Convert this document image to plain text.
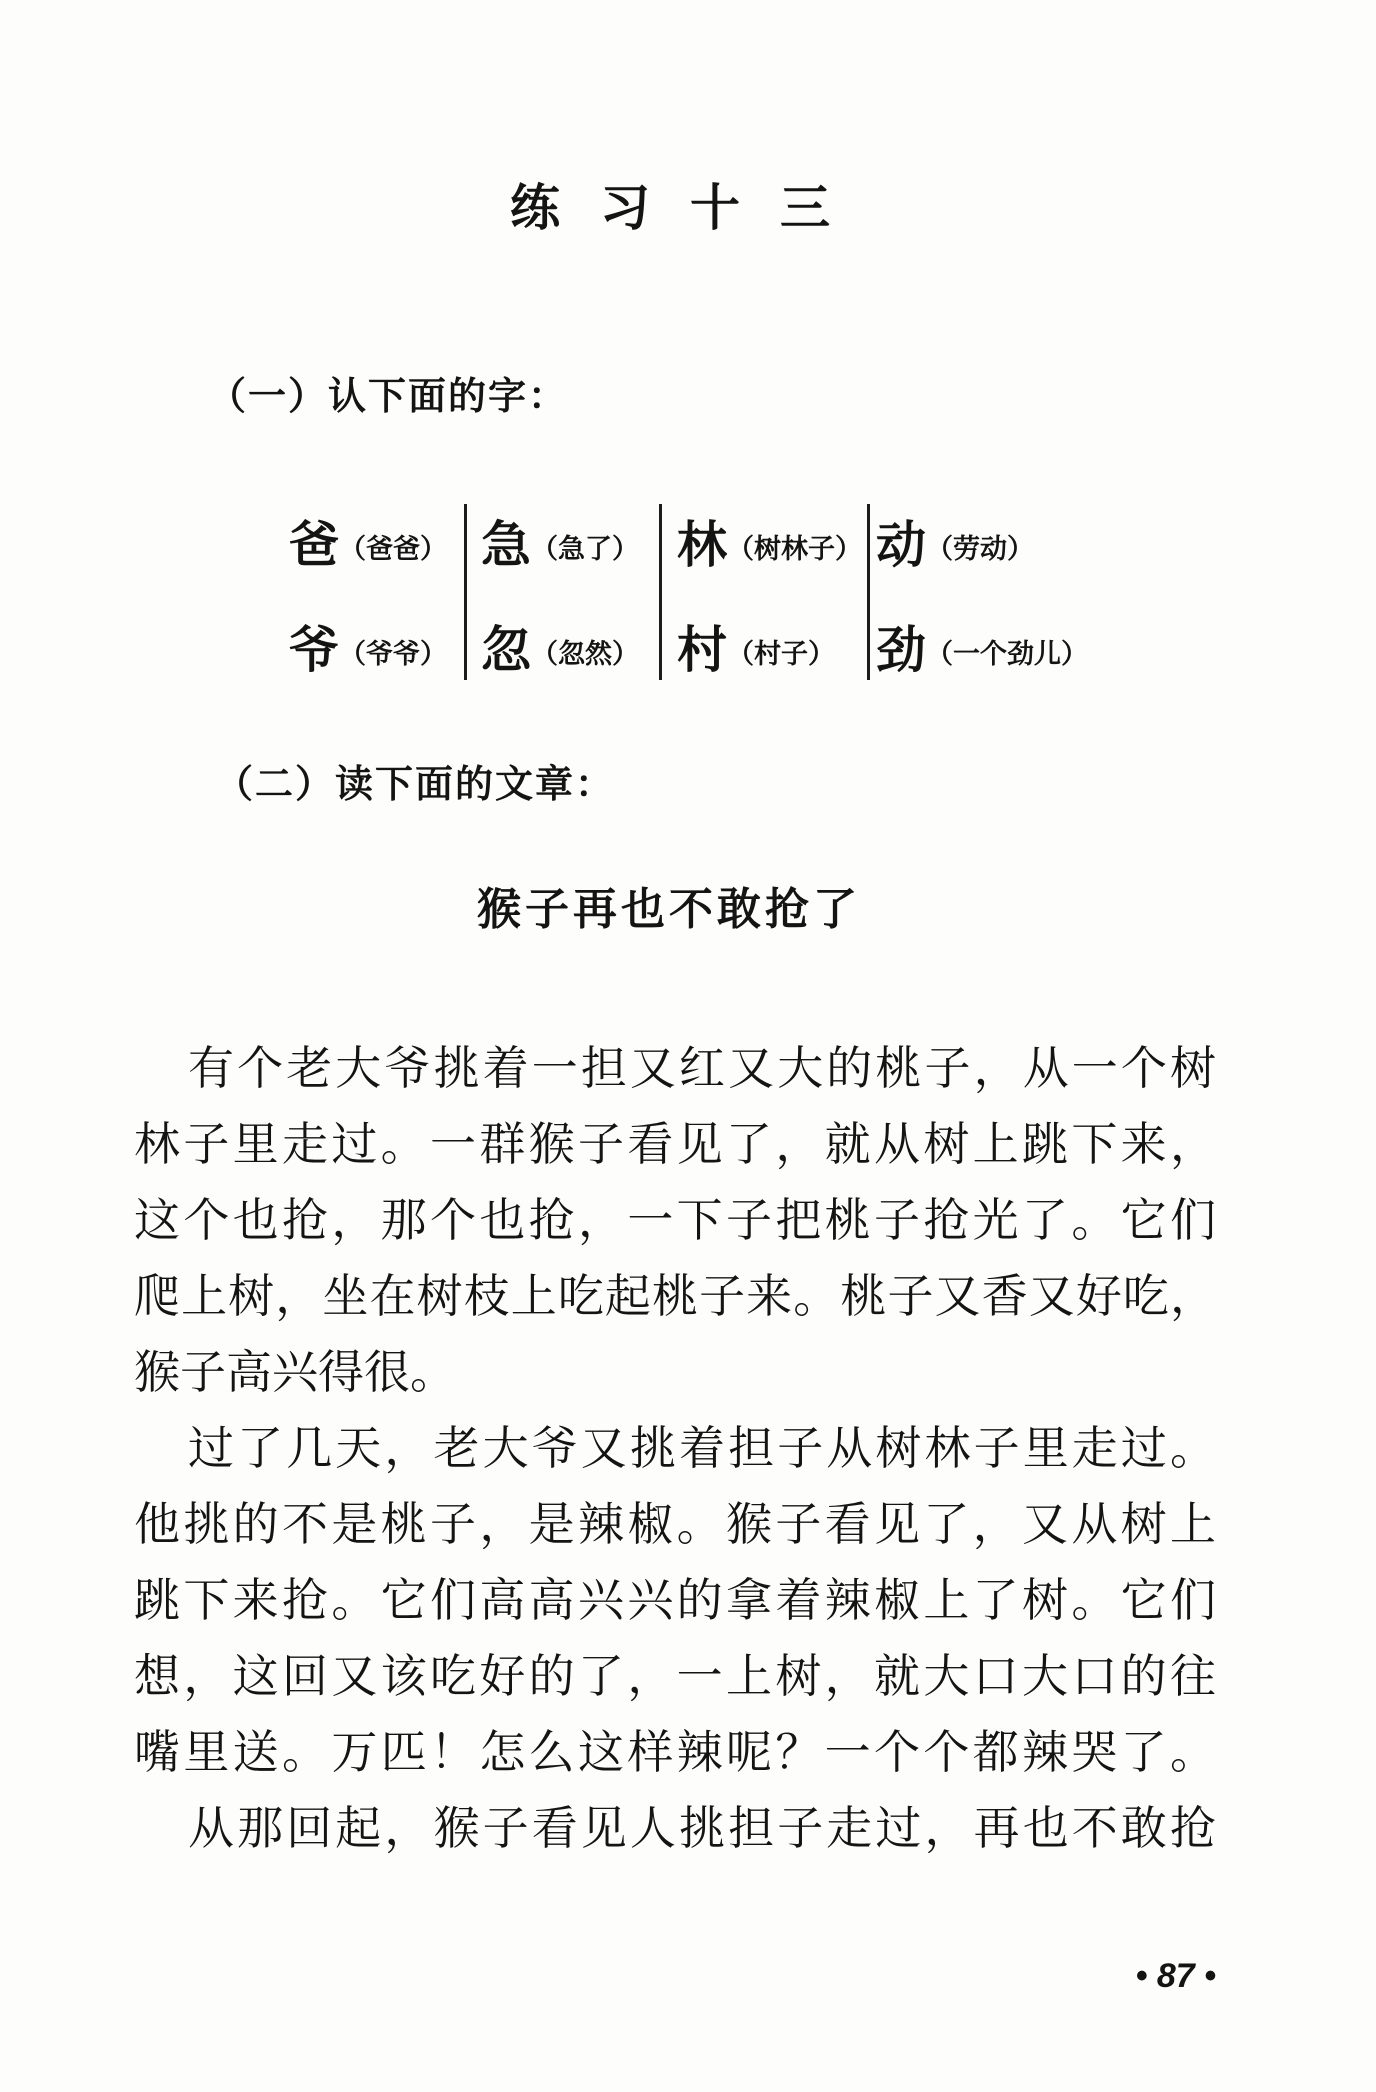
练习十三
（一）认下面的字：
爸（爸爸）
爷（爷爷）
急（急了）
忽（忽然）
林（树林子）
村（村子）
动（劳动）
劲（一个劲儿）
（二）读下面的文章：
猴子再也不敢抢了
有个老大爷挑着一担又红又大的桃子，从一个树
林子里走过。一群猴子看见了，就从树上跳下来，
这个也抢，那个也抢，一下子把桃子抢光了。它们
爬上树，坐在树枝上吃起桃子来。桃子又香又好吃，
猴子高兴得很。
过了几天，老大爷又挑着担子从树林子里走过。
他挑的不是桃子，是辣椒。猴子看见了，又从树上
跳下来抢。它们高高兴兴的拿着辣椒上了树。它们
想，这回又该吃好的了，一上树，就大口大口的往
嘴里送。万匹！怎么这样辣呢？一个个都辣哭了。
从那回起，猴子看见人挑担子走过，再也不敢抢
• 87 •
